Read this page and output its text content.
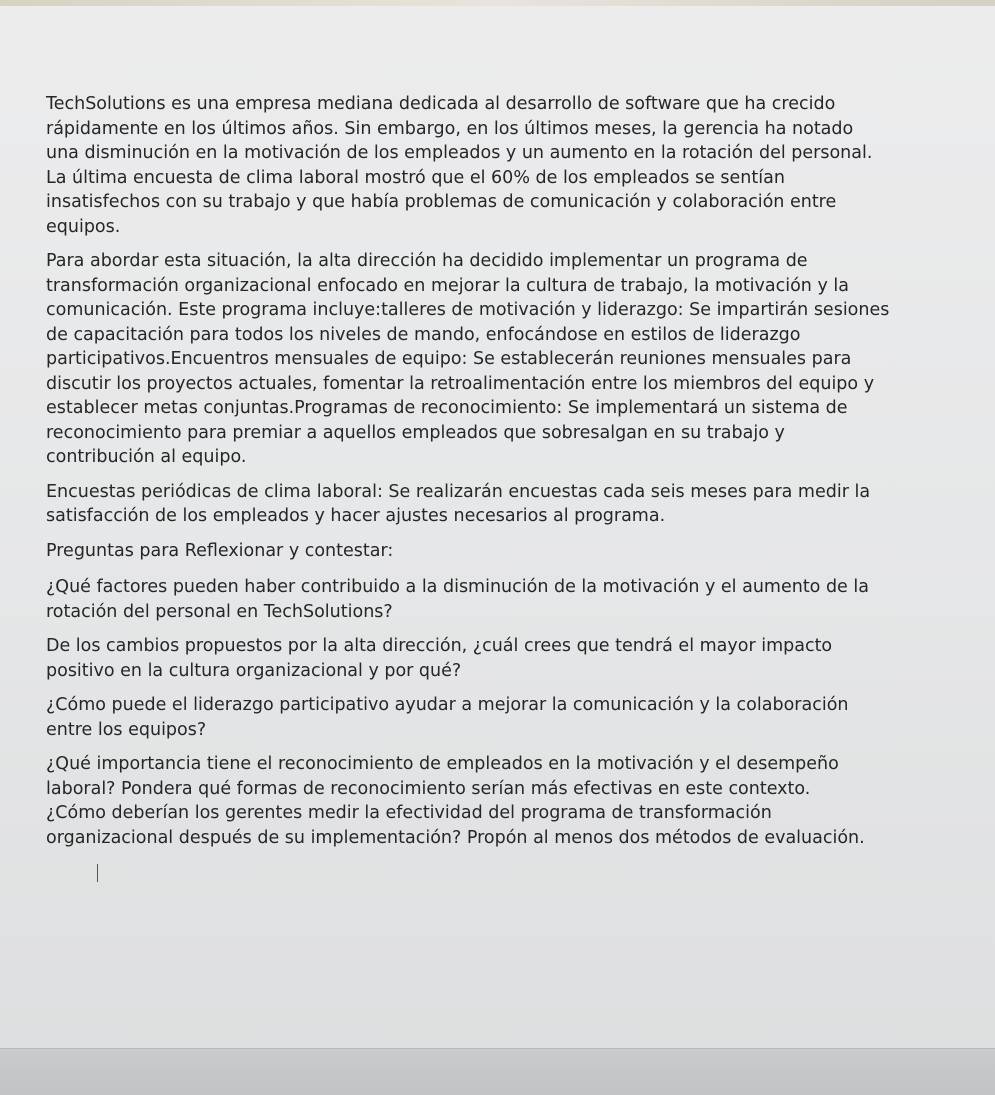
TechSolutions es una empresa mediana dedicada al desarrollo de software que ha crecido
rápidamente en los últimos años. Sin embargo, en los últimos meses, la gerencia ha notado
una disminución en la motivación de los empleados y un aumento en la rotación del personal.
La última encuesta de clima laboral mostró que el 60% de los empleados se sentían
insatisfechos con su trabajo y que había problemas de comunicación y colaboración entre
equipos.

Para abordar esta situación, la alta dirección ha decidido implementar un programa de
transformación organizacional enfocado en mejorar la cultura de trabajo, la motivación y la
comunicación. Este programa incluye:talleres de motivación y liderazgo: Se impartirán sesiones
de capacitación para todos los niveles de mando, enfocándose en estilos de liderazgo
participativos.Encuentros mensuales de equipo: Se establecerán reuniones mensuales para
discutir los proyectos actuales, fomentar la retroalimentación entre los miembros del equipo y
establecer metas conjuntas.Programas de reconocimiento: Se implementará un sistema de
reconocimiento para premiar a aquellos empleados que sobresalgan en su trabajo y
contribución al equipo.

Encuestas periódicas de clima laboral: Se realizarán encuestas cada seis meses para medir la
satisfacción de los empleados y hacer ajustes necesarios al programa.

Preguntas para Reflexionar y contestar:

¿Qué factores pueden haber contribuido a la disminución de la motivación y el aumento de la
rotación del personal en TechSolutions?

De los cambios propuestos por la alta dirección, ¿cuál crees que tendrá el mayor impacto
positivo en la cultura organizacional y por qué?

¿Cómo puede el liderazgo participativo ayudar a mejorar la comunicación y la colaboración
entre los equipos?

¿Qué importancia tiene el reconocimiento de empleados en la motivación y el desempeño
laboral? Pondera qué formas de reconocimiento serían más efectivas en este contexto.

¿Cómo deberían los gerentes medir la efectividad del programa de transformación
organizacional después de su implementación? Propón al menos dos métodos de evaluación.
